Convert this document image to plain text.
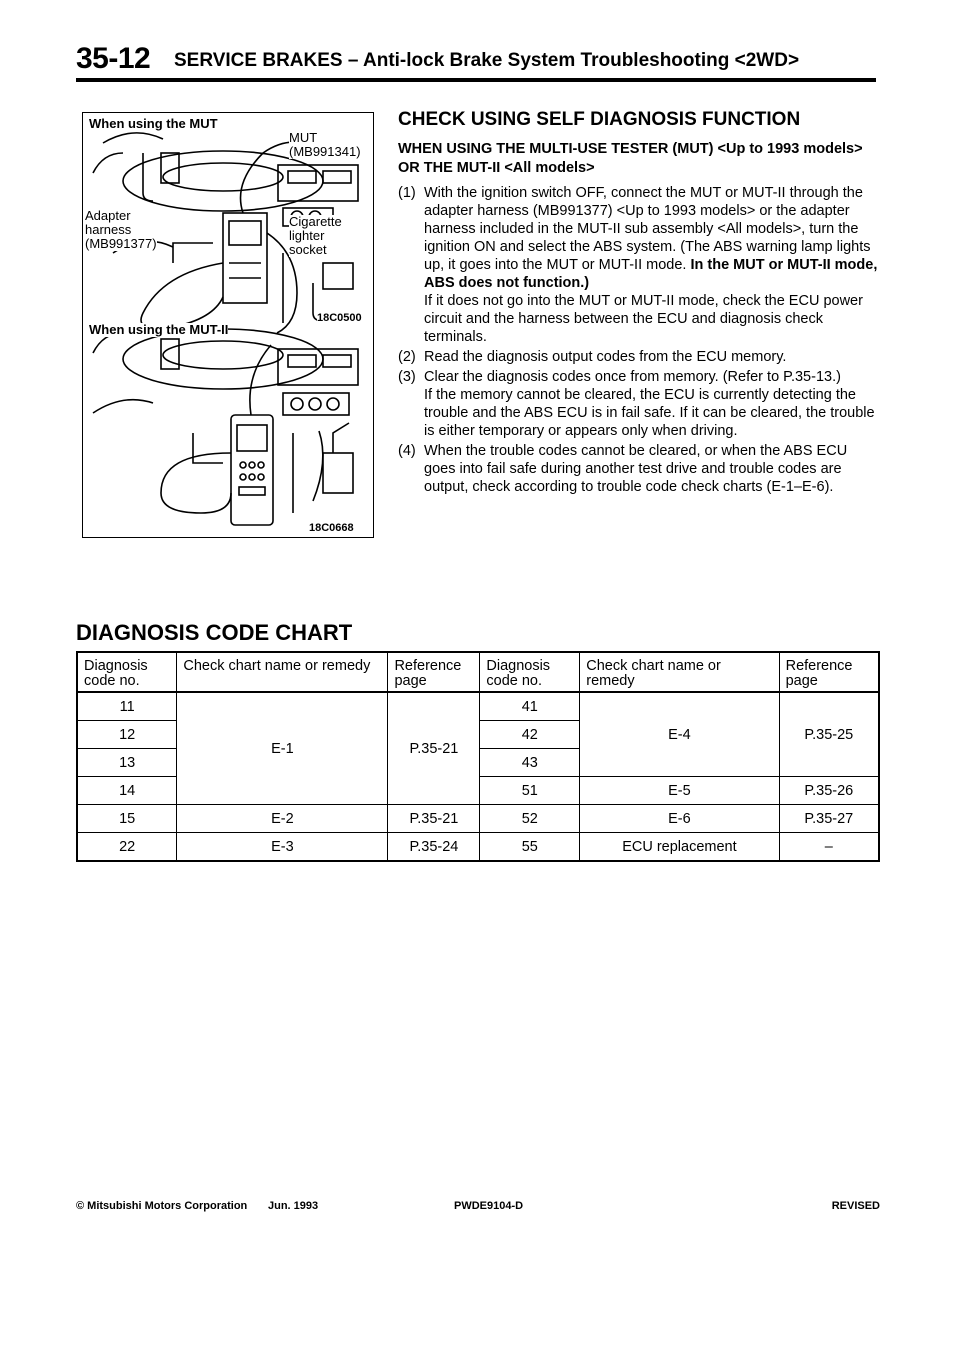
35-12 SERVICE BRAKES – Anti-lock Brake System Troubleshooting <2WD>
When using the MUT
MUT
(MB991341)
Adapter
harness
(MB991377)
Cigarette
lighter
socket
18C0500
When using the MUT-II
18C0668
CHECK USING SELF DIAGNOSIS FUNCTION
WHEN USING THE MULTI-USE TESTER (MUT) <Up to 1993 models> OR THE MUT-II <All models>
(1) With the ignition switch OFF, connect the MUT or MUT-II through the adapter harness (MB991377) <Up to 1993 models> or the adapter harness included in the MUT-II sub assembly <All models>, turn the ignition ON and select the ABS system. (The ABS warning lamp lights up, it goes into the MUT or MUT-II mode. In the MUT or MUT-II mode, ABS does not function.)

If it does not go into the MUT or MUT-II mode, check the ECU power circuit and the harness between the ECU and diagnosis check terminals.

(2) Read the diagnosis output codes from the ECU memory.

(3) Clear the diagnosis codes once from memory. (Refer to P.35-13.)

If the memory cannot be cleared, the ECU is currently detecting the trouble and the ABS ECU is in fail safe. If it can be cleared, the trouble is either temporary or appears only when driving.

(4) When the trouble codes cannot be cleared, or when the ABS ECU goes into fail safe during another test drive and trouble codes are output, check according to trouble code check charts (E-1–E-6).

DIAGNOSIS CODE CHART
Diagnosis code no.	Check chart name or remedy	Reference page	Diagnosis code no.	Check chart name or remedy	Reference page
11	E-1	P.35-21	41	E-4	P.35-25
12			42		
13			43		
14			51	E-5	P.35-26
15	E-2	P.35-21	52	E-6	P.35-27
22	E-3	P.35-24	55	ECU replacement	–
© Mitsubishi Motors Corporation Jun. 1993	PWDE9104-D	REVISED
